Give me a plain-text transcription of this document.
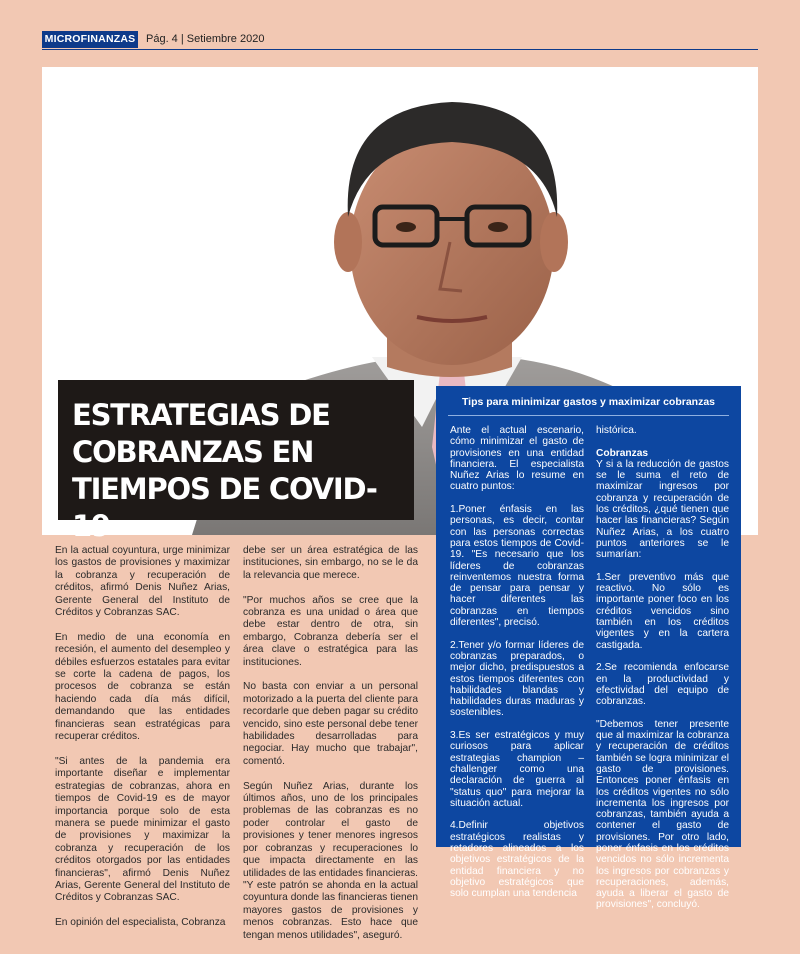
MICROFINANZAS Pág. 4 | Setiembre 2020
ESTRATEGIAS DE COBRANZAS EN TIEMPOS DE COVID-19

En la actual coyuntura, urge minimizar los gastos de provisiones y maximizar la cobranza y recuperación de créditos, afirmó Denis Nuñez Arias, Gerente General del Instituto de Créditos y Cobranzas SAC.

En medio de una economía en recesión, el aumento del desempleo y débiles esfuerzos estatales para evitar se corte la cadena de pagos, los procesos de cobranza se están haciendo cada día más difícil, demandando que las entidades financieras sean estratégicas para recuperar créditos.

"Si antes de la pandemia era importante diseñar e implementar estrategias de cobranzas, ahora en tiempos de Covid-19 es de mayor importancia porque solo de esta manera se puede minimizar el gasto de provisiones y maximizar la cobranza y recuperación de los créditos otorgados por las entidades financieras", afirmó Denis Nuñez Arias, Gerente General del Instituto de Créditos y Cobranzas SAC.

En opinión del especialista, Cobranza

debe ser un área estratégica de las instituciones, sin embargo, no se le da la relevancia que merece.

"Por muchos años se cree que la cobranza es una unidad o área que debe estar dentro de otra, sin embargo, Cobranza debería ser el área clave o estratégica para las instituciones.

No basta con enviar a un personal motorizado a la puerta del cliente para recordarle que deben pagar su crédito vencido, sino este personal debe tener habilidades desarrolladas para negociar. Hay mucho que trabajar", comentó.

Según Nuñez Arias, durante los últimos años, uno de los principales problemas de las cobranzas es no poder controlar el gasto de provisiones y tener menores ingresos por cobranzas y recuperaciones lo que impacta directamente en las utilidades de las entidades financieras. "Y este patrón se ahonda en la actual coyuntura donde las financieras tienen mayores gastos de provisiones y menos cobranzas. Esto hace que tengan menos utilidades", aseguró.

Tips para minimizar gastos y maximizar cobranzas

Ante el actual escenario, cómo minimizar el gasto de provisiones en una entidad financiera. El especialista Nuñez Arias lo resume en cuatro puntos:

1.Poner énfasis en las personas, es decir, contar con las personas correctas para estos tiempos de Covid-19. "Es necesario que los líderes de cobranzas reinventemos nuestra forma de pensar para pensar y hacer diferentes las cobranzas en tiempos diferentes", precisó.

2.Tener y/o formar líderes de cobranzas preparados, o mejor dicho, predispuestos a estos tiempos diferentes con habilidades blandas y habilidades duras maduras y sostenibles.

3.Es ser estratégicos y muy curiosos para aplicar estrategias champion – challenger como una declaración de guerra al "status quo" para mejorar la situación actual.

4.Definir objetivos estratégicos realistas y retadores alineados a los objetivos estratégicos de la entidad financiera y no objetivo estratégicos que solo cumplan una tendencia

histórica.

Cobranzas

Y si a la reducción de gastos se le suma el reto de maximizar ingresos por cobranza y recuperación de los créditos, ¿qué tienen que hacer las financieras? Según Nuñez Arias, a los cuatro puntos anteriores se le sumarían:

1.Ser preventivo más que reactivo. No sólo es importante poner foco en los créditos vencidos sino también en los créditos vigentes y en la cartera castigada.

2.Se recomienda enfocarse en la productividad y efectividad del equipo de cobranzas.

"Debemos tener presente que al maximizar la cobranza y recuperación de créditos también se logra minimizar el gasto de provisiones. Entonces poner énfasis en los créditos vigentes no sólo incrementa los ingresos por cobranzas, también ayuda a contener el gasto de provisiones. Por otro lado, poner énfasis en los créditos vencidos no sólo incrementa los ingresos por cobranzas y recuperaciones, además, ayuda a liberar el gasto de provisiones", concluyó.
